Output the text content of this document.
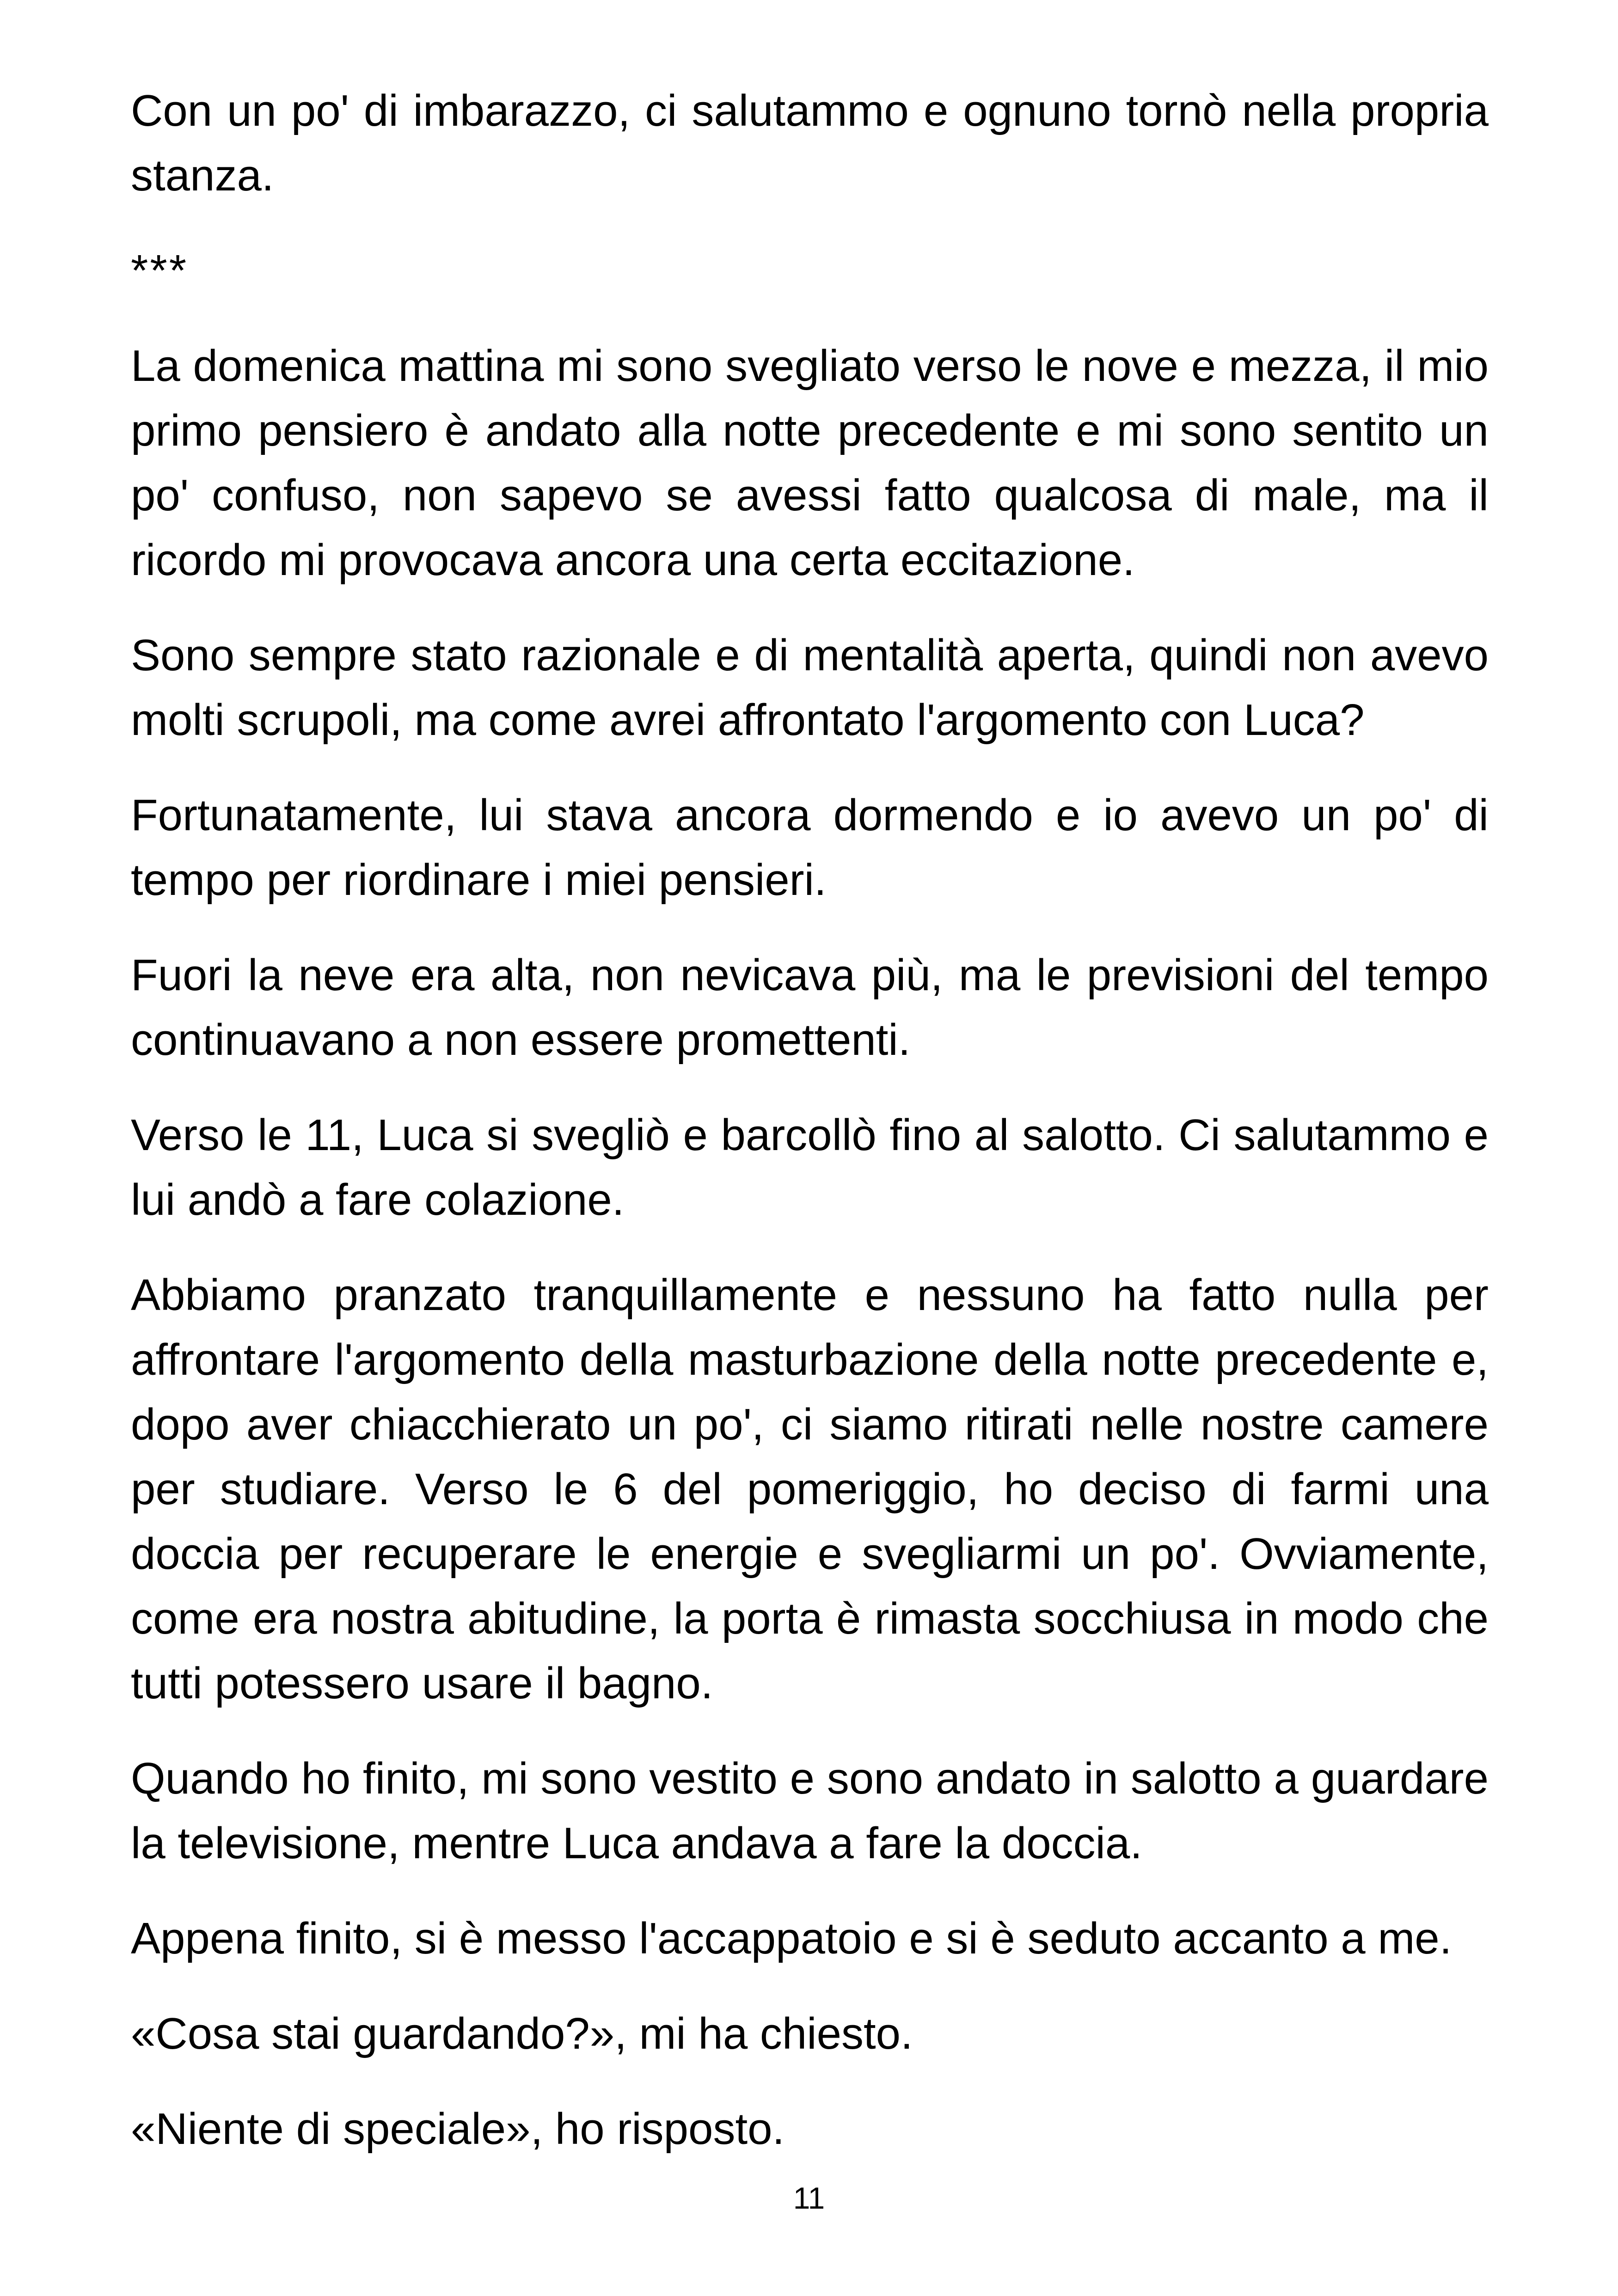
Con un po' di imbarazzo, ci salutammo e ognuno tornò nella propria stanza.

***

La domenica mattina mi sono svegliato verso le nove e mezza, il mio primo pensiero è andato alla notte precedente e mi sono sentito un po' confuso, non sapevo se avessi fatto qualcosa di male, ma il ricordo mi provocava ancora una certa eccitazione.

Sono sempre stato razionale e di mentalità aperta, quindi non avevo molti scrupoli, ma come avrei affrontato l'argomento con Luca?

Fortunatamente, lui stava ancora dormendo e io avevo un po' di tempo per riordinare i miei pensieri.

Fuori la neve era alta, non nevicava più, ma le previsioni del tempo continuavano a non essere promettenti.

Verso le 11, Luca si svegliò e barcollò fino al salotto. Ci salutammo e lui andò a fare colazione.

Abbiamo pranzato tranquillamente e nessuno ha fatto nulla per affrontare l'argomento della masturbazione della notte precedente e, dopo aver chiacchierato un po', ci siamo ritirati nelle nostre camere per studiare. Verso le 6 del pomeriggio, ho deciso di farmi una doccia per recuperare le energie e svegliarmi un po'. Ovviamente, come era nostra abitudine, la porta è rimasta socchiusa in modo che tutti potessero usare il bagno.

Quando ho finito, mi sono vestito e sono andato in salotto a guardare la televisione, mentre Luca andava a fare la doccia.

Appena finito, si è messo l'accappatoio e si è seduto accanto a me.

«Cosa stai guardando?», mi ha chiesto.

«Niente di speciale», ho risposto.

11
